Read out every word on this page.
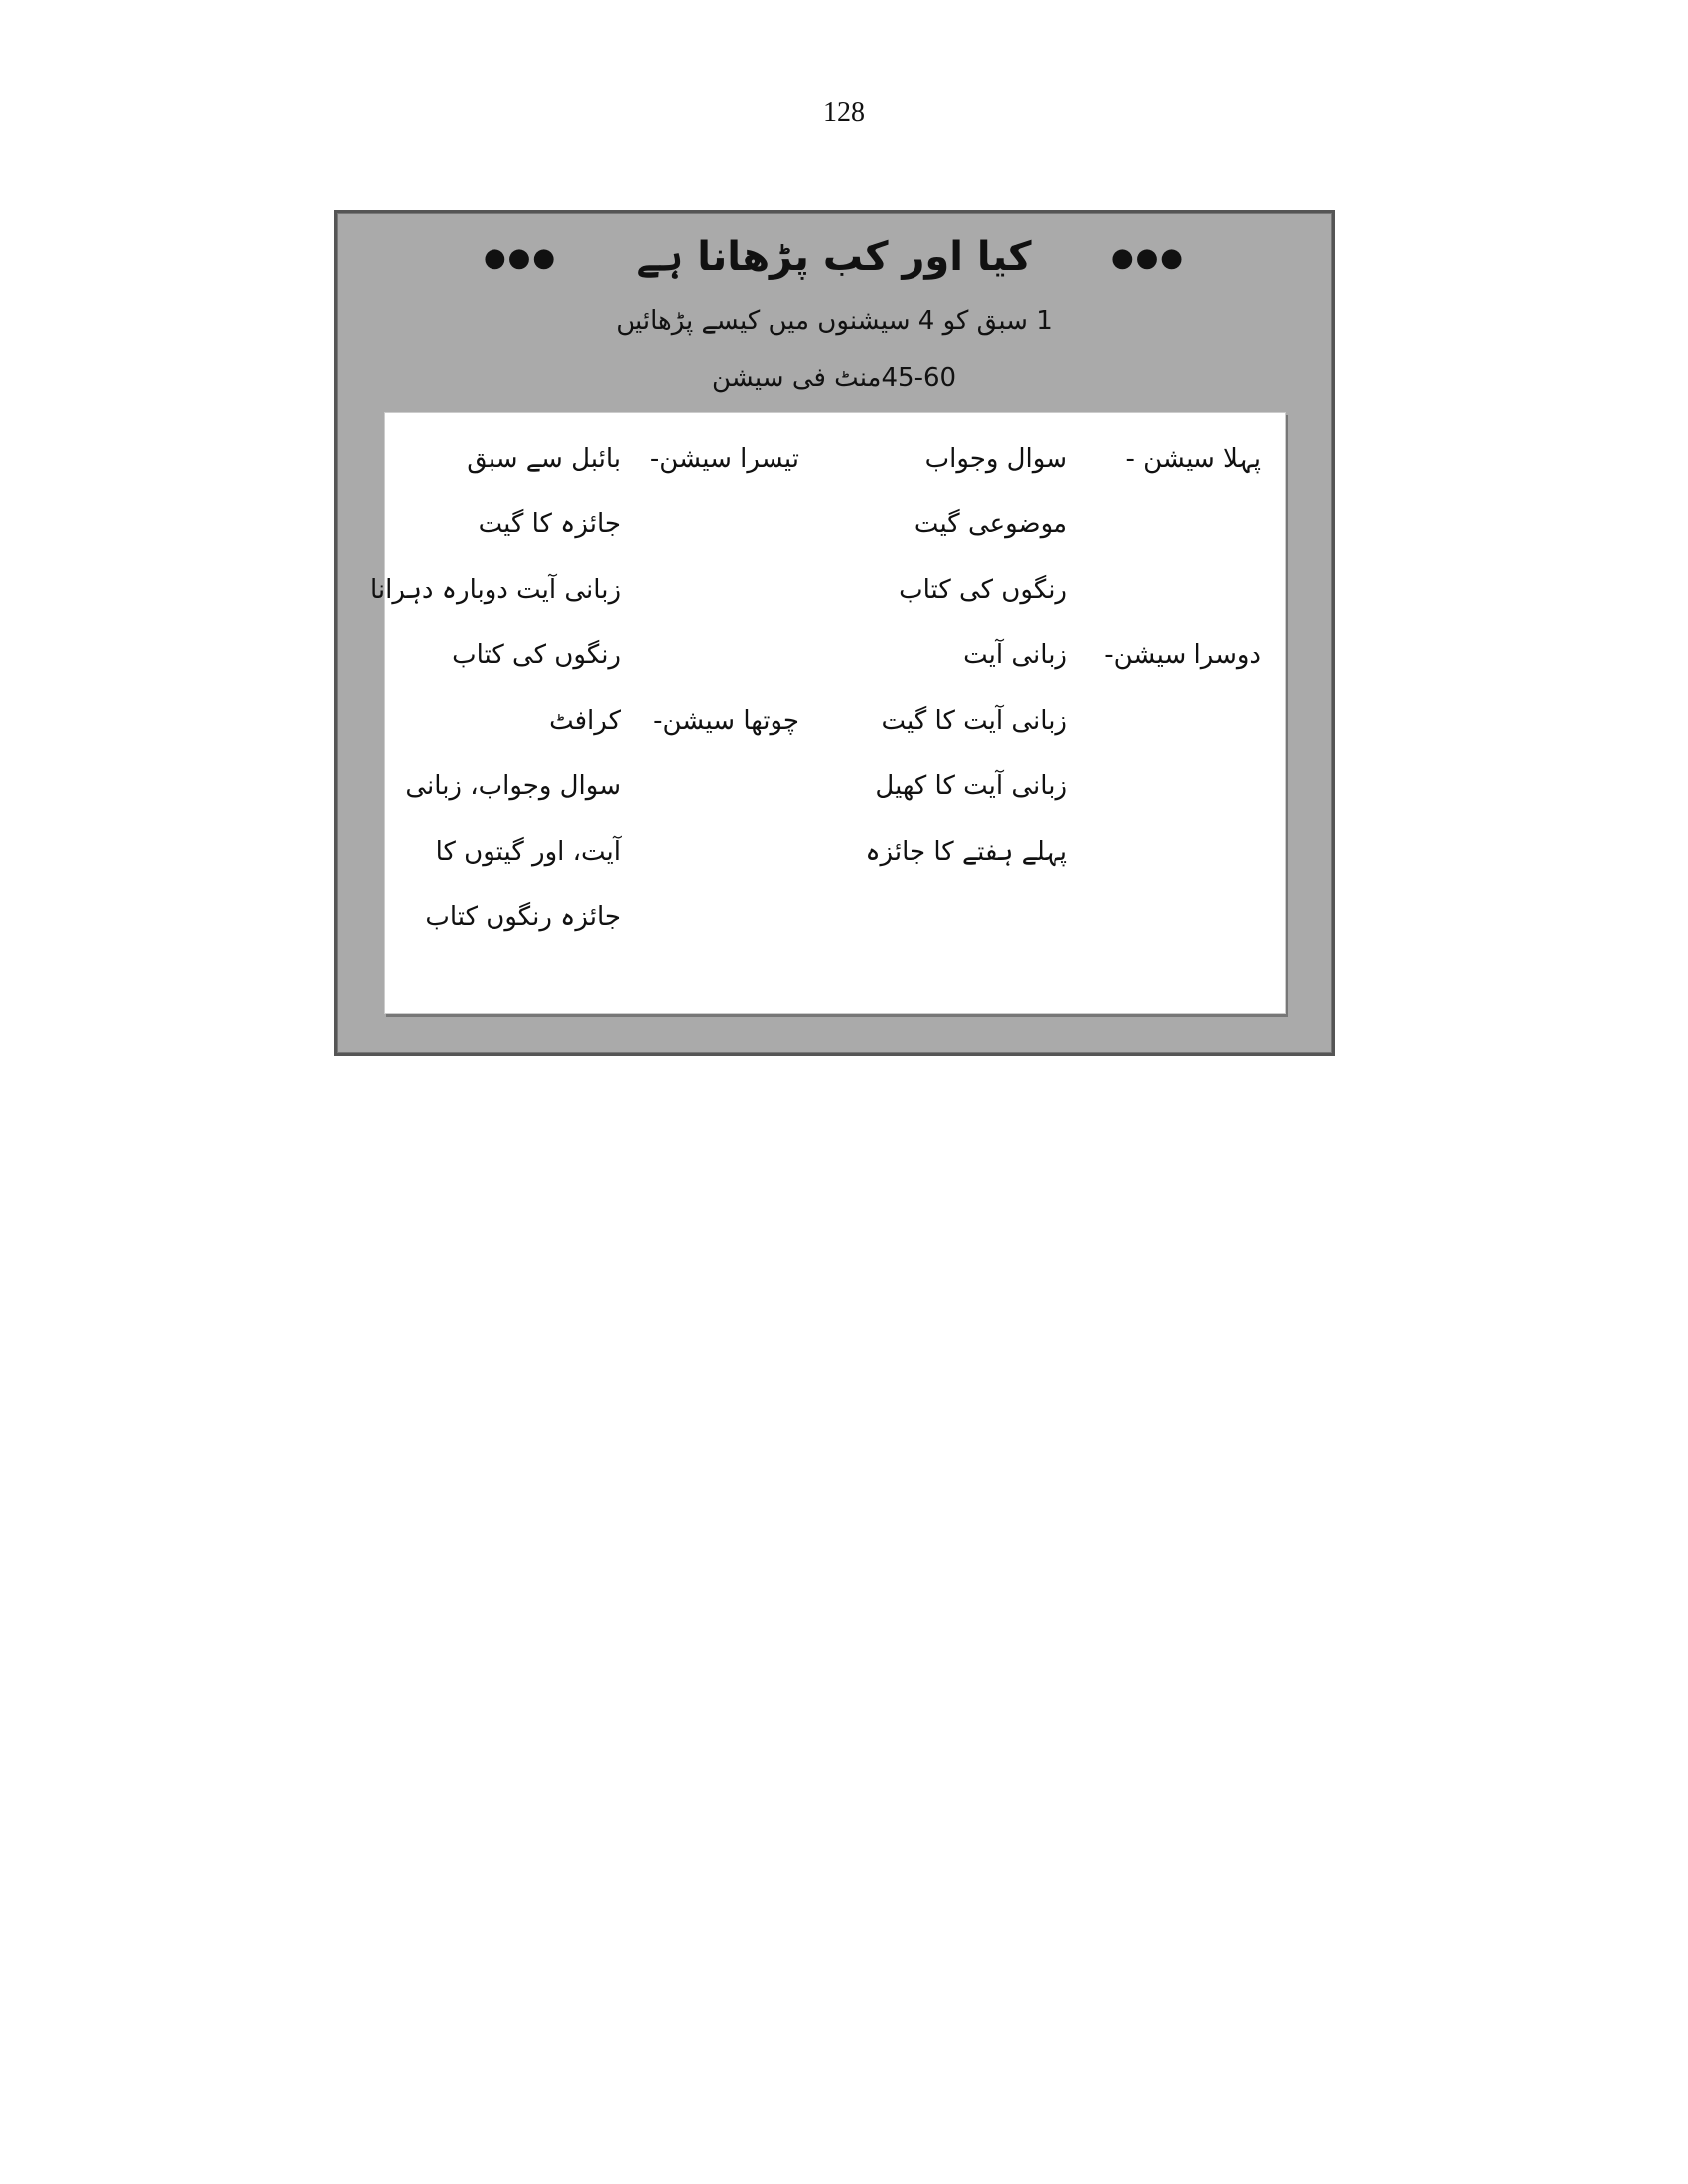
128
●●●	●●●
کیا اور کب پڑھانا ہے
1 سبق کو 4 سیشنوں میں کیسے پڑھائیں
45-60منٹ فی سیشن
پہلا سیشن -
سوال وجواب
موضوعی گیت
رنگوں کی کتاب
دوسرا سیشن-
زبانی آیت
زبانی آیت کا گیت
زبانی آیت کا کھیل
پہلے ہفتے کا جائزہ
تیسرا سیشن-
بائبل سے سبق
جائزہ کا گیت
زبانی آیت دوبارہ دہرانا
رنگوں کی کتاب
چوتھا سیشن-
کرافٹ
سوال وجواب، زبانی
آیت، اور گیتوں کا
جائزہ رنگوں کتاب
